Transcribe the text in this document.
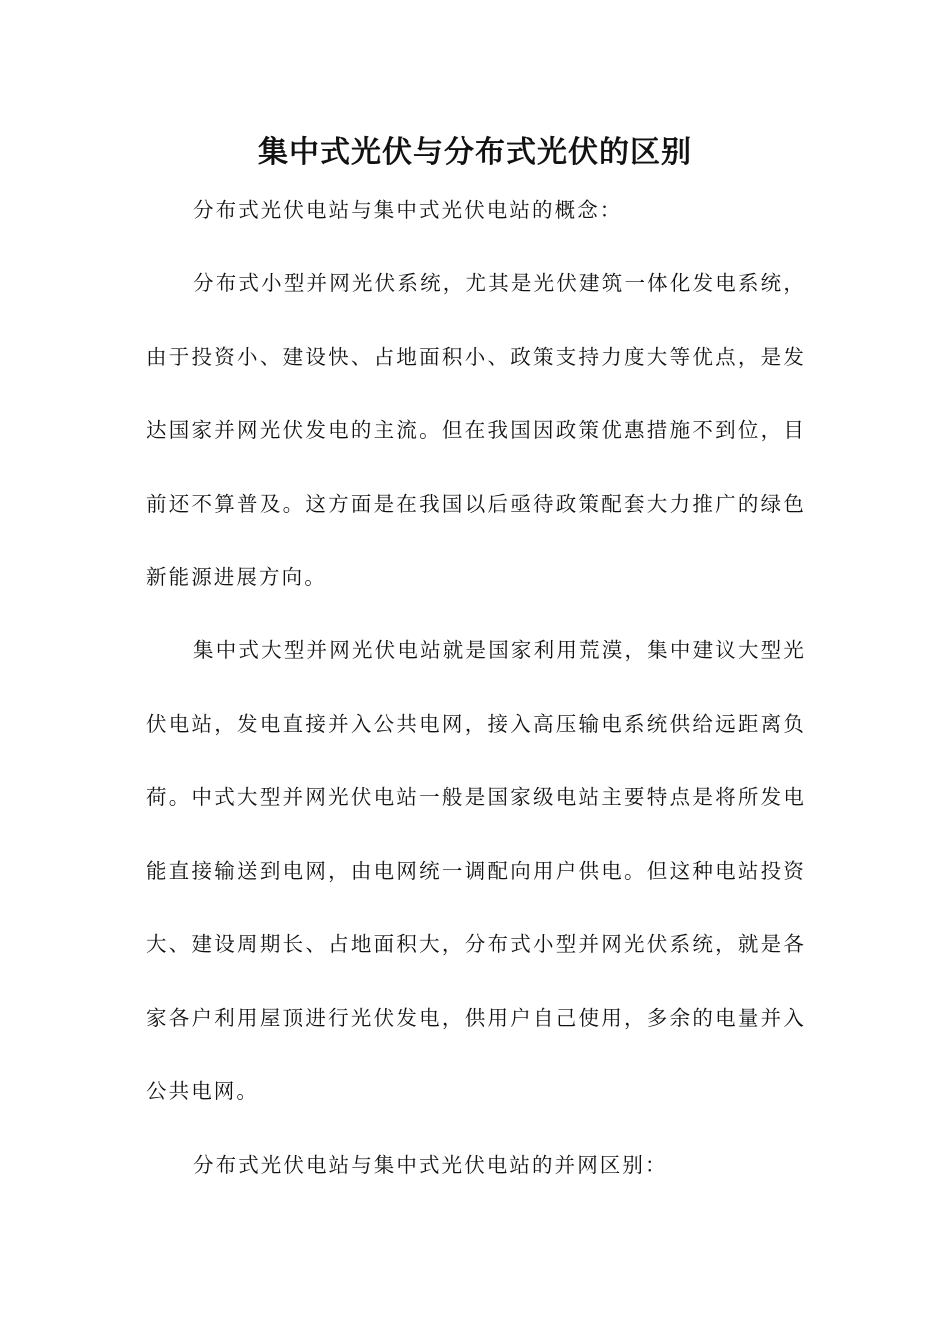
集中式光伏与分布式光伏的区别

分布式光伏电站与集中式光伏电站的概念：

分布式小型并网光伏系统，尤其是光伏建筑一体化发电系统，由于投资小、建设快、占地面积小、政策支持力度大等优点，是发达国家并网光伏发电的主流。但在我国因政策优惠措施不到位，目前还不算普及。这方面是在我国以后亟待政策配套大力推广的绿色新能源进展方向。

集中式大型并网光伏电站就是国家利用荒漠，集中建议大型光伏电站，发电直接并入公共电网，接入高压输电系统供给远距离负荷。中式大型并网光伏电站一般是国家级电站主要特点是将所发电能直接输送到电网，由电网统一调配向用户供电。但这种电站投资大、建设周期长、占地面积大，分布式小型并网光伏系统，就是各家各户利用屋顶进行光伏发电，供用户自己使用，多余的电量并入公共电网。

分布式光伏电站与集中式光伏电站的并网区别：
